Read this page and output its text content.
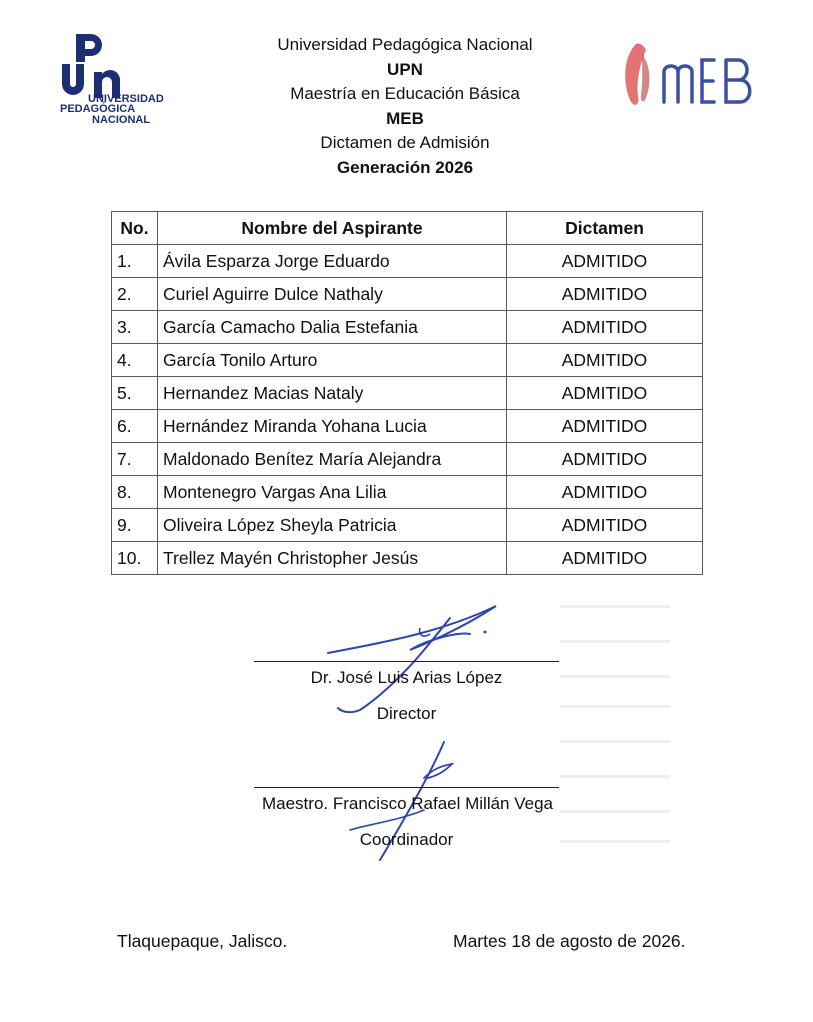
UNIVERSIDAD
PEDAGÓGICA
NACIONAL
Universidad Pedagógica Nacional
UPN
Maestría en Educación Básica
MEB
Dictamen de Admisión
Generación 2026
No.	Nombre del Aspirante	Dictamen
1.	Ávila Esparza Jorge Eduardo	ADMITIDO
2.	Curiel Aguirre Dulce Nathaly	ADMITIDO
3.	García Camacho Dalia Estefania	ADMITIDO
4.	García Tonilo Arturo	ADMITIDO
5.	Hernandez Macias Nataly	ADMITIDO
6.	Hernández Miranda Yohana Lucia	ADMITIDO
7.	Maldonado Benítez María Alejandra	ADMITIDO
8.	Montenegro Vargas Ana Lilia	ADMITIDO
9.	Oliveira López Sheyla Patricia	ADMITIDO
10.	Trellez Mayén Christopher Jesús	ADMITIDO
Dr. José Luis Arias López
Director
Maestro. Francisco Rafael Millán Vega
Coordinador
Tlaquepaque, Jalisco.	Martes 18 de agosto de 2026.
